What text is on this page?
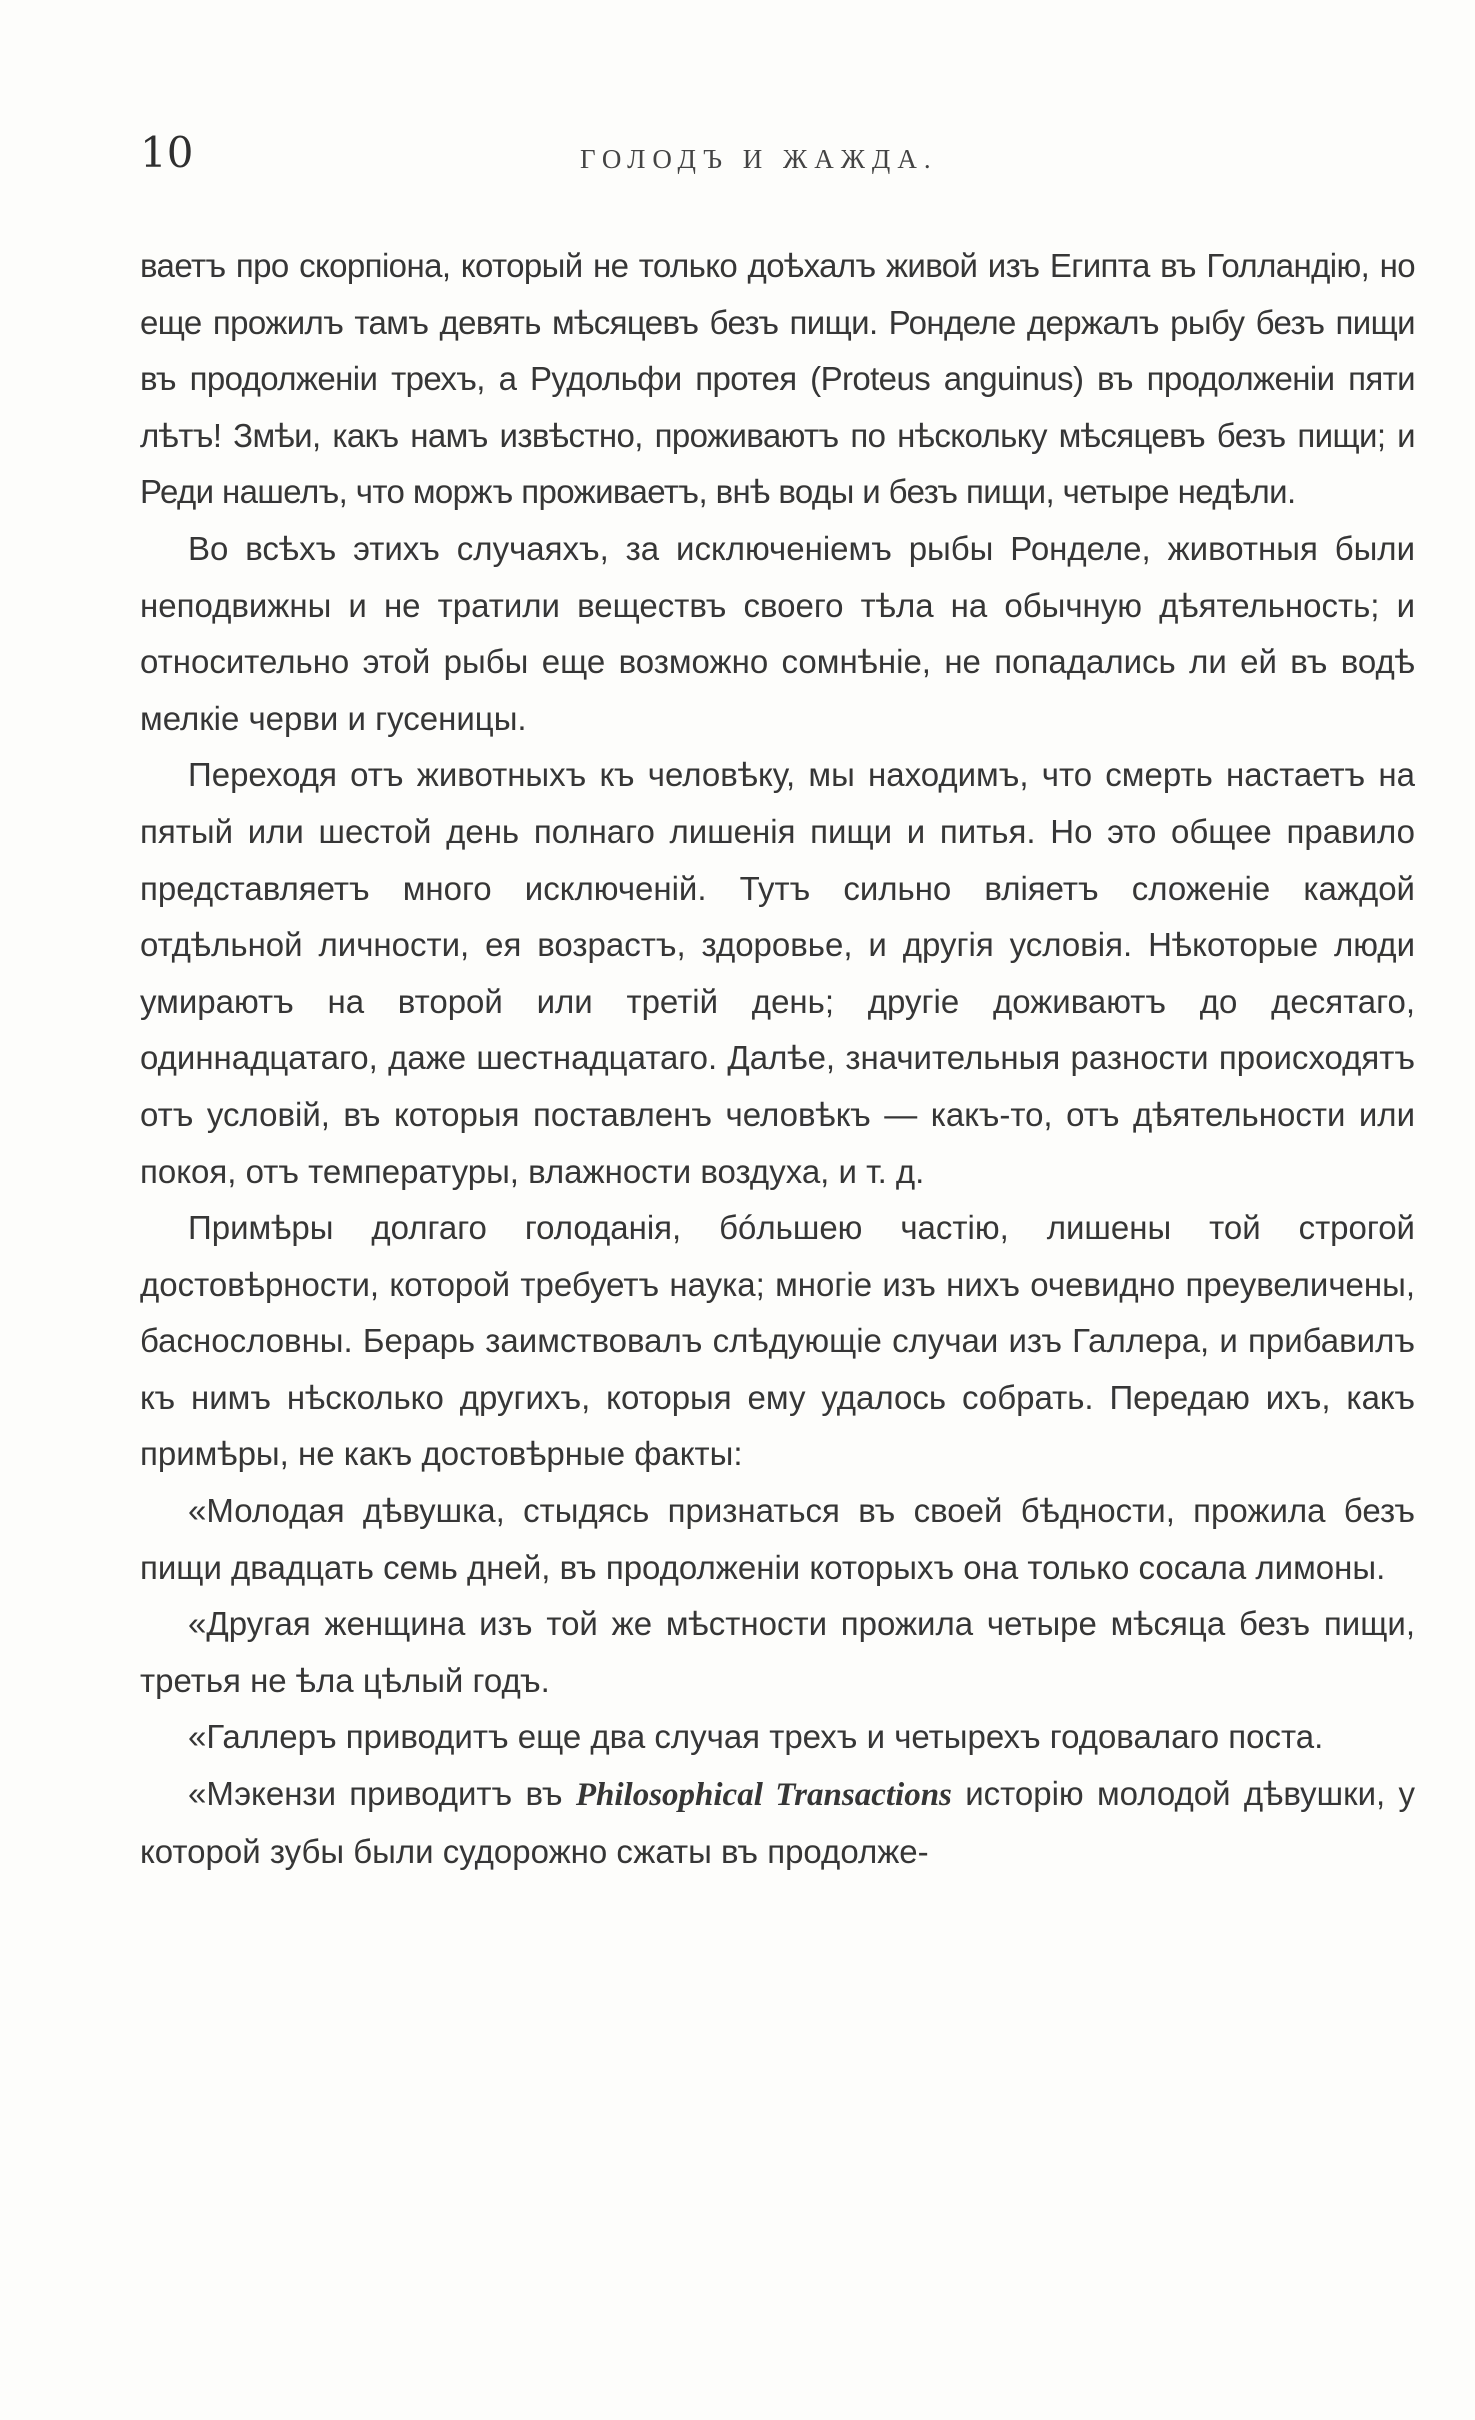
10	ГОЛОДЪ И ЖАЖДА.

ваетъ про скорпіона, который не только доѣхалъ живой изъ Египта въ Голландію, но еще прожилъ тамъ девять мѣсяцевъ безъ пищи. Ронделе держалъ рыбу безъ пищи въ продолженіи трехъ, а Рудольфи протея (Proteus anguinus) въ продолженіи пяти лѣтъ! Змѣи, какъ намъ извѣстно, проживаютъ по нѣскольку мѣсяцевъ безъ пищи; и Реди нашелъ, что моржъ проживаетъ, внѣ воды и безъ пищи, четыре недѣли.

Во всѣхъ этихъ случаяхъ, за исключеніемъ рыбы Ронделе, животныя были неподвижны и не тратили веществъ своего тѣла на обычную дѣятельность; и относительно этой рыбы еще возможно сомнѣніе, не попадались ли ей въ водѣ мелкіе черви и гусеницы.

Переходя отъ животныхъ къ человѣку, мы находимъ, что смерть настаетъ на пятый или шестой день полнаго лишенія пищи и питья. Но это общее правило представляетъ много исключеній. Тутъ сильно вліяетъ сложеніе каждой отдѣльной личности, ея возрастъ, здоровье, и другія условія. Нѣкоторые люди умираютъ на второй или третій день; другіе доживаютъ до десятаго, одиннадцатаго, даже шестнадцатаго. Далѣе, значительныя разности происходятъ отъ условій, въ которыя поставленъ человѣкъ — какъ-то, отъ дѣятельности или покоя, отъ температуры, влажности воздуха, и т. д.

Примѣры долгаго голоданія, бóльшею частію, лишены той строгой достовѣрности, которой требуетъ наука; многіе изъ нихъ очевидно преувеличены, баснословны. Берарь заимствовалъ слѣдующіе случаи изъ Галлера, и прибавилъ къ нимъ нѣсколько другихъ, которыя ему удалось собрать. Передаю ихъ, какъ примѣры, не какъ достовѣрные факты:

«Молодая дѣвушка, стыдясь признаться въ своей бѣдности, прожила безъ пищи двадцать семь дней, въ продолженіи которыхъ она только сосала лимоны.

«Другая женщина изъ той же мѣстности прожила четыре мѣсяца безъ пищи, третья не ѣла цѣлый годъ.

«Галлеръ приводитъ еще два случая трехъ и четырехъ годовалаго поста.

«Мэкензи приводитъ въ Philosophical Transactions исторію молодой дѣвушки, у которой зубы были судорожно сжаты въ продолже-
